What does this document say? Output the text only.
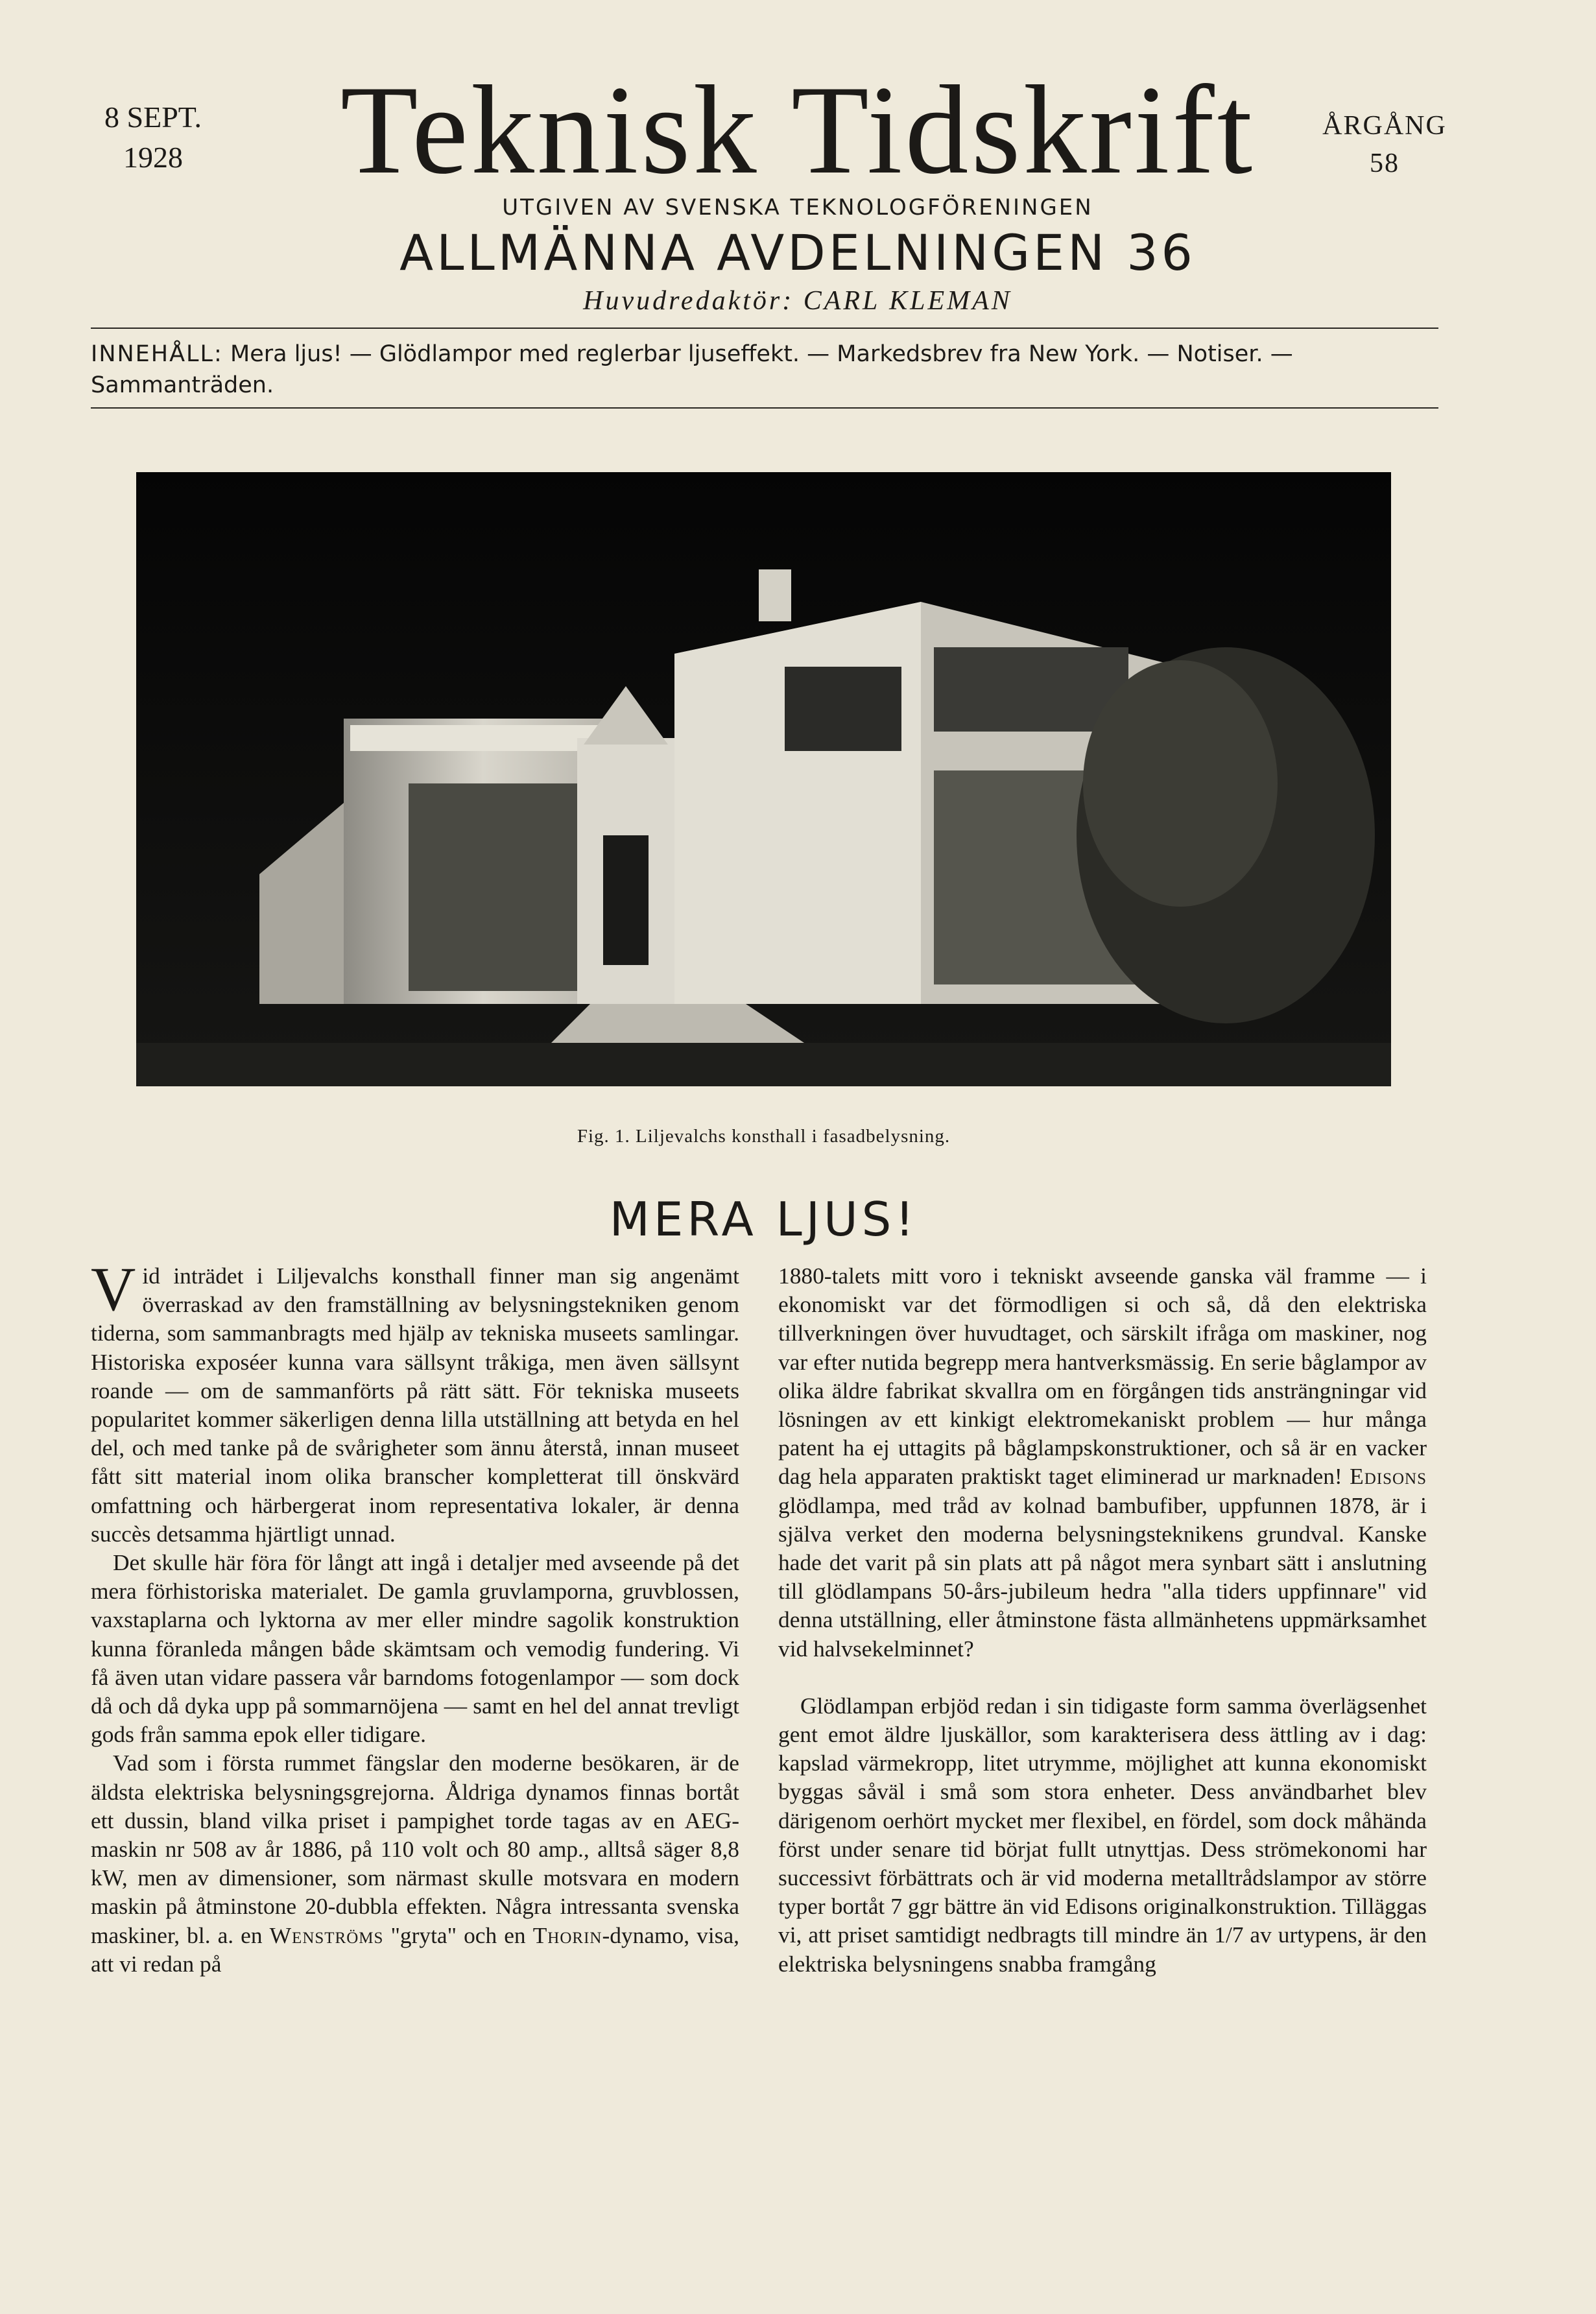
8 SEPT.
1928 Teknisk Tidskrift	ÅRGÅNG
58
UTGIVEN AV SVENSKA TEKNOLOGFÖRENINGEN
ALLMÄNNA AVDELNINGEN 36
Huvudredaktör: CARL KLEMAN
INNEHÅLL: Mera ljus! — Glödlampor med reglerbar ljuseffekt. — Markedsbrev fra New York. — Notiser. — Sammanträden.
Fig. 1. Liljevalchs konsthall i fasadbelysning.
MERA LJUS!

Vid inträdet i Liljevalchs konsthall finner man sig angenämt överraskad av den framställning av belysningstekniken genom tiderna, som sammanbragts med hjälp av tekniska museets samlingar. Historiska exposéer kunna vara sällsynt tråkiga, men även sällsynt roande — om de sammanförts på rätt sätt. För tekniska museets popularitet kommer säkerligen denna lilla utställning att betyda en hel del, och med tanke på de svårigheter som ännu återstå, innan museet fått sitt material inom olika branscher kompletterat till önskvärd omfattning och härbergerat inom representativa lokaler, är denna succès detsamma hjärtligt unnad.

Det skulle här föra för långt att ingå i detaljer med avseende på det mera förhistoriska materialet. De gamla gruvlamporna, gruvblossen, vaxstaplarna och lyktorna av mer eller mindre sagolik konstruktion kunna föranleda mången både skämtsam och vemodig fundering. Vi få även utan vidare passera vår barndoms fotogenlampor — som dock då och då dyka upp på sommarnöjena — samt en hel del annat trevligt gods från samma epok eller tidigare.

Vad som i första rummet fängslar den moderne besökaren, är de äldsta elektriska belysningsgrejorna. Åldriga dynamos finnas bortåt ett dussin, bland vilka priset i pampighet torde tagas av en AEG-maskin nr 508 av år 1886, på 110 volt och 80 amp., alltså säger 8,8 kW, men av dimensioner, som närmast skulle motsvara en modern maskin på åtminstone 20-dubbla effekten. Några intressanta svenska maskiner, bl. a. en Wenströms "gryta" och en Thorin-dynamo, visa, att vi redan på

1880-talets mitt voro i tekniskt avseende ganska väl framme — i ekonomiskt var det förmodligen si och så, då den elektriska tillverkningen över huvudtaget, och särskilt ifråga om maskiner, nog var efter nutida begrepp mera hantverksmässig. En serie båglampor av olika äldre fabrikat skvallra om en förgången tids ansträngningar vid lösningen av ett kinkigt elektromekaniskt problem — hur många patent ha ej uttagits på båglampskonstruktioner, och så är en vacker dag hela apparaten praktiskt taget eliminerad ur marknaden! Edisons glödlampa, med tråd av kolnad bambufiber, uppfunnen 1878, är i själva verket den moderna belysningsteknikens grundval. Kanske hade det varit på sin plats att på något mera synbart sätt i anslutning till glödlampans 50-års-jubileum hedra "alla tiders uppfinnare" vid denna utställning, eller åtminstone fästa allmänhetens uppmärksamhet vid halvsekelminnet?

Glödlampan erbjöd redan i sin tidigaste form samma överlägsenhet gent emot äldre ljuskällor, som karakterisera dess ättling av i dag: kapslad värmekropp, litet utrymme, möjlighet att kunna ekonomiskt byggas såväl i små som stora enheter. Dess användbarhet blev därigenom oerhört mycket mer flexibel, en fördel, som dock måhända först under senare tid börjat fullt utnyttjas. Dess strömekonomi har successivt förbättrats och är vid moderna metalltrådslampor av större typer bortåt 7 ggr bättre än vid Edisons originalkonstruktion. Tilläggas vi, att priset samtidigt nedbragts till mindre än 1/7 av urtypens, är den elektriska belysningens snabba framgång
